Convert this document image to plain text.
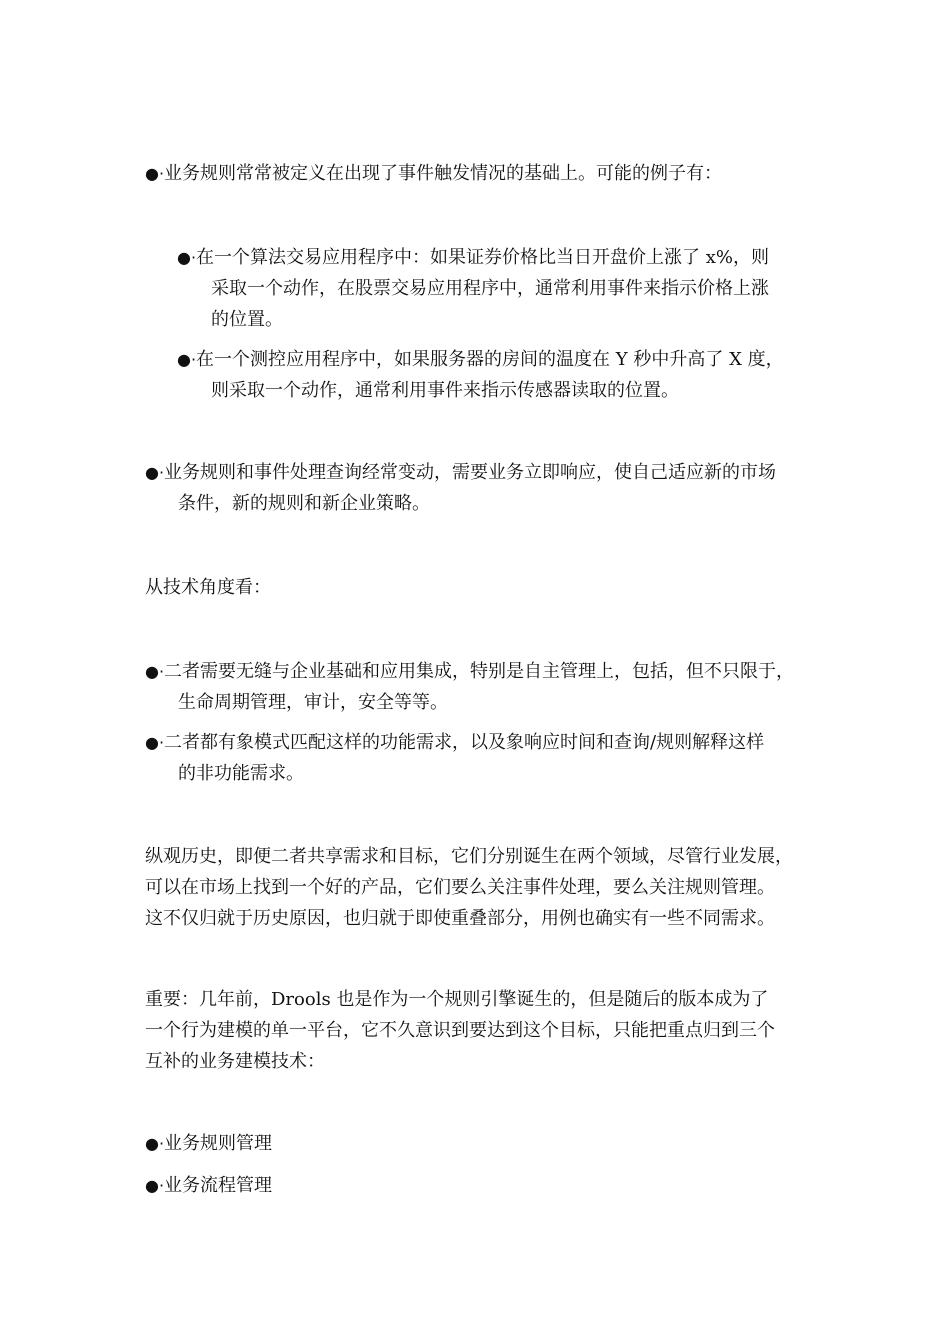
●·业务规则常常被定义在出现了事件触发情况的基础上。可能的例子有：
●·在一个算法交易应用程序中：如果证券价格比当日开盘价上涨了 x%，则
采取一个动作，在股票交易应用程序中，通常利用事件来指示价格上涨
的位置。
●·在一个测控应用程序中，如果服务器的房间的温度在 Y 秒中升高了 X 度，
则采取一个动作，通常利用事件来指示传感器读取的位置。
●·业务规则和事件处理查询经常变动，需要业务立即响应，使自己适应新的市场
条件，新的规则和新企业策略。
从技术角度看：
●·二者需要无缝与企业基础和应用集成，特别是自主管理上，包括，但不只限于，
生命周期管理，审计，安全等等。
●·二者都有象模式匹配这样的功能需求，以及象响应时间和查询/规则解释这样
的非功能需求。
纵观历史，即便二者共享需求和目标，它们分别诞生在两个领域，尽管行业发展，
可以在市场上找到一个好的产品，它们要么关注事件处理，要么关注规则管理。
这不仅归就于历史原因，也归就于即使重叠部分，用例也确实有一些不同需求。
重要：几年前，Drools 也是作为一个规则引擎诞生的，但是随后的版本成为了
一个行为建模的单一平台，它不久意识到要达到这个目标，只能把重点归到三个
互补的业务建模技术：
●·业务规则管理
●·业务流程管理
